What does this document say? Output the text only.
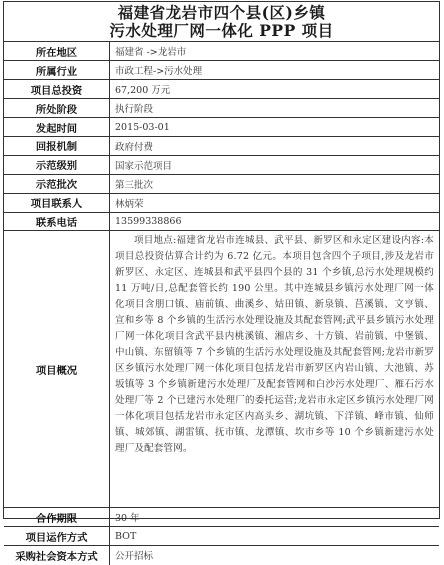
福建省龙岩市四个县(区)乡镇
污水处理厂网一体化 PPP 项目
所在地区	福建省 ->龙岩市
所属行业	市政工程->污水处理
项目总投资	67,200 万元
所处阶段	执行阶段
发起时间	2015-03-01
回报机制	政府付费
示范级别	国家示范项目
示范批次	第三批次
项目联系人	林炳荣
联系电话	13599338866
项目概况	项目地点:福建省龙岩市连城县、武平县、新罗区和永定区建设内容:本项目总投资估算合计约为 6.72 亿元。本项目包含四个子项目,涉及龙岩市新罗区、永定区、连城县和武平县四个县的 31 个乡镇,总污水处理规模约 11 万吨/日,总配套管长约 190 公里。其中连城县乡镇污水处理厂网一体化项目含朋口镇、庙前镇、曲溪乡、姑田镇、新泉镇、莒溪镇、文亨镇、宣和乡等 8 个乡镇的生活污水处理设施及其配套管网;武平县乡镇污水处理厂网一体化项目含武平县内桃溪镇、湘店乡、十方镇、岩前镇、中堡镇、中山镇、东留镇等 7 个乡镇的生活污水处理设施及其配套管网;龙岩市新罗区乡镇污水处理厂网一体化项目包括龙岩市新罗区内岩山镇、大池镇、苏坂镇等 3 个乡镇新建污水处理厂及配套管网和白沙污水处理厂、雁石污水处理厂等 2 个已建污水处理厂的委托运营;龙岩市永定区乡镇污水处理厂网一体化项目包括龙岩市永定区内高头乡、湖坑镇、下洋镇、峰市镇、仙师镇、城郊镇、湖雷镇、抚市镇、龙潭镇、坎市乡等 10 个乡镇新建污水处理厂及配套管网。
合作期限	30 年
项目运作方式	BOT
采购社会资本方式	公开招标
